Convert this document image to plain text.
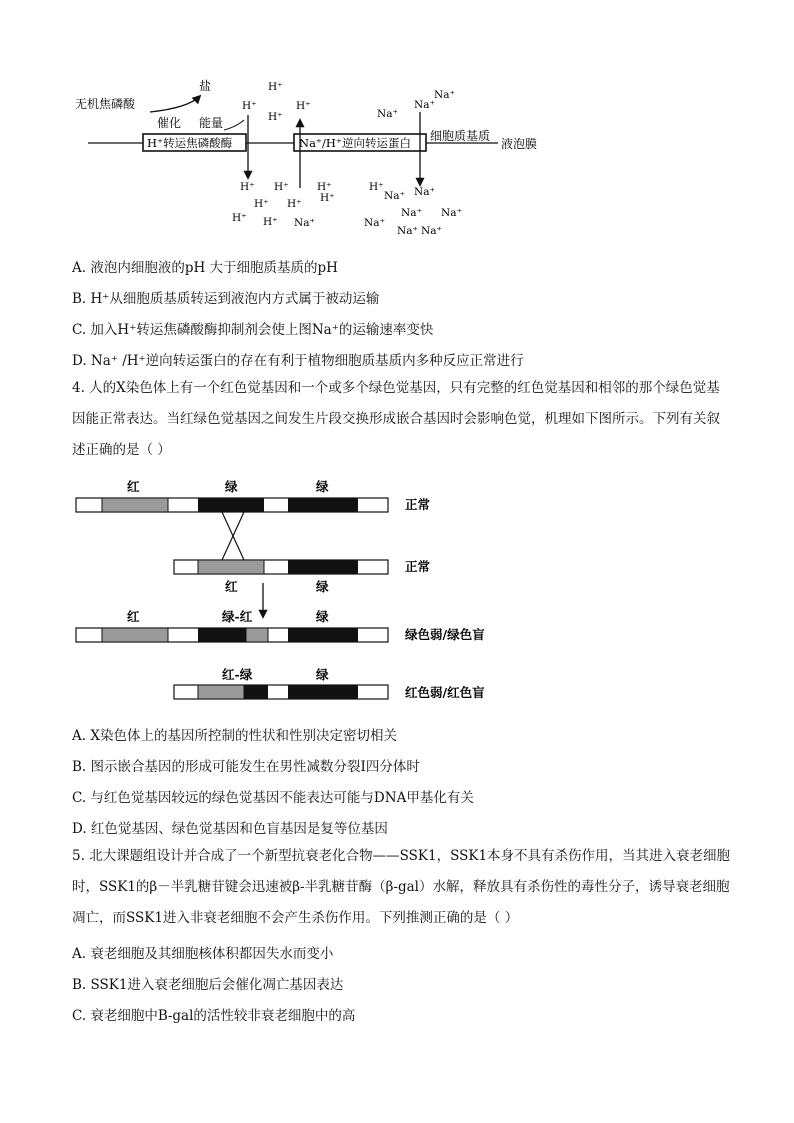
H⁺转运焦磷酸酶	Na⁺/H⁺逆向转运蛋白
无机焦磷酸
盐
催化 能量
细胞质基质
液泡膜
H⁺
H⁺	H⁺
H⁺	Na⁺
Na⁺
Na⁺
H⁺ H⁺	H⁺
H⁺ H⁺ H⁺
H⁺ H⁺ Na⁺
H⁺
Na⁺ Na⁺
Na⁺ Na⁺
Na⁺
Na⁺ Na⁺
A. 液泡内细胞液的pH 大于细胞质基质的pH
B. H⁺从细胞质基质转运到液泡内方式属于被动运输
C. 加入H⁺转运焦磷酸酶抑制剂会使上图Na⁺的运输速率变快
D. Na⁺ /H⁺逆向转运蛋白的存在有利于植物细胞质基质内多种反应正常进行
4. 人的X染色体上有一个红色觉基因和一个或多个绿色觉基因，只有完整的红色觉基因和相邻的那个绿色觉基因能正常表达。当红绿色觉基因之间发生片段交换形成嵌合基因时会影响色觉，机理如下图所示。下列有关叙述正确的是（ ）
红	绿	绿
正常
红	绿
正常
红	绿-红	绿
绿色弱/绿色盲
红-绿	绿
红色弱/红色盲
A. X染色体上的基因所控制的性状和性别决定密切相关
B. 图示嵌合基因的形成可能发生在男性减数分裂Ⅰ四分体时
C. 与红色觉基因较远的绿色觉基因不能表达可能与DNA甲基化有关
D. 红色觉基因、绿色觉基因和色盲基因是复等位基因
5. 北大课题组设计并合成了一个新型抗衰老化合物——SSK1，SSK1本身不具有杀伤作用，当其进入衰老细胞时，SSK1的β－半乳糖苷键会迅速被β-半乳糖苷酶（β-gal）水解，释放具有杀伤性的毒性分子，诱导衰老细胞凋亡，而SSK1进入非衰老细胞不会产生杀伤作用。下列推测正确的是（ ）
A. 衰老细胞及其细胞核体积都因失水而变小
B. SSK1进入衰老细胞后会催化凋亡基因表达
C. 衰老细胞中Β-gal的活性较非衰老细胞中的高
